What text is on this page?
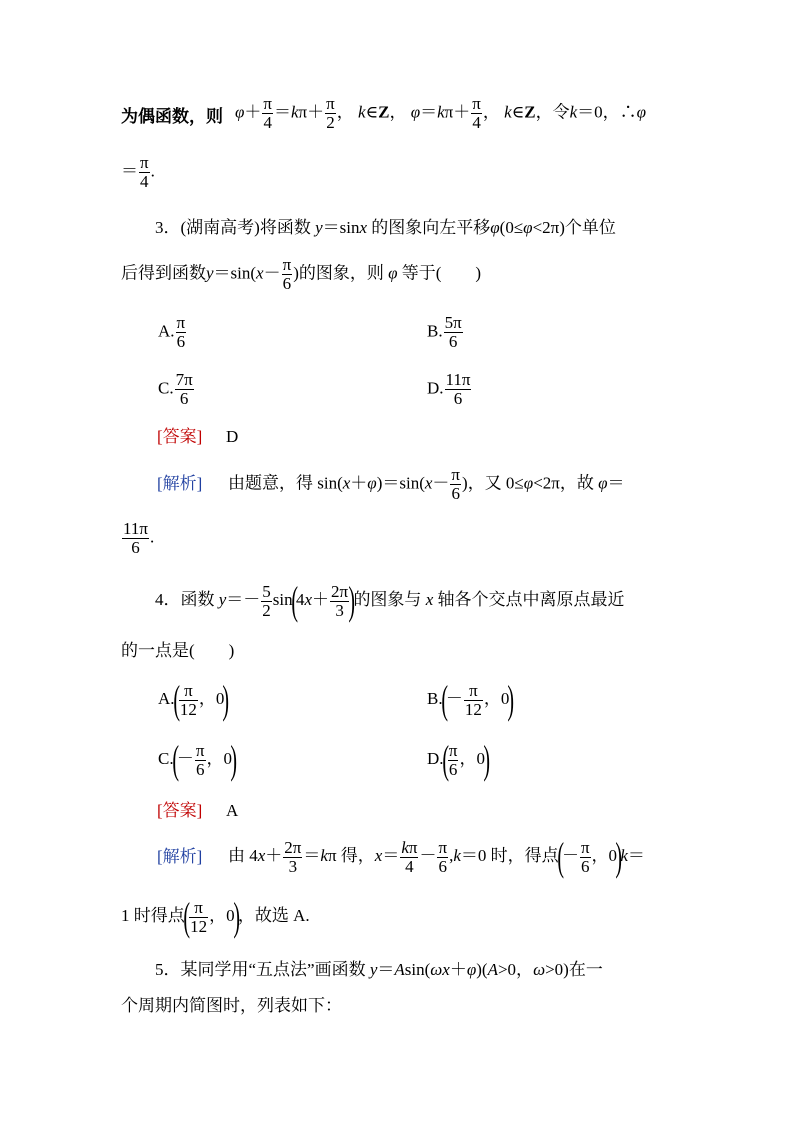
为偶函数，则 $\varphi+ \frac{\pi}{4} =k\pi+ \frac{\pi}{2}$ ， k∈Z， $\varphi=k\pi+ \frac{\pi}{4}$ ， k∈Z，令k＝0，∴φ
＝ $\frac{\pi}{4}$ .
3．(湖南高考)将函数 y＝sinx 的图象向左平移φ(0≤φ<2π)个单位
后得到函数$y=\sin(x- \frac{\pi}{6}$ )的图象，则 φ 等于(　　)
A. $\frac{\pi}{6}$	B. $\frac{5\pi}{6}$
C. $\frac{7\pi}{6}$	D. $\frac{11\pi}{6}$
[答案] D
[解析] 由题意，得 $\sin(x+\varphi)=\sin(x- \frac{\pi}{6}$ )，又 0≤φ<2π，故 φ＝
$\frac{11\pi}{6}$ .
4．函数 $y=- \frac{5}{2} \sin(4x+ \frac{2\pi}{3}$ )的图象与 x 轴各个交点中离原点最近
的一点是(　　)
$A.( \frac{\pi}{12}$ ，0)	$B.(- \frac{\pi}{12}$ ，0)
$C.(- \frac{\pi}{6}$ ，0)	$D.( \frac{\pi}{6}$ ，0)
[答案] A
[解析] 由 $4x+ \frac{2\pi}{3} =k\pi$ 得，$x= \frac{k\pi}{4} - \frac{\pi}{6} ,k=0$ 时，得点(－ $\frac{\pi}{6}$ ，0)k＝
1 时得点( $\frac{\pi}{12}$ ，0)，故选 A.
5．某同学用“五点法”画函数 y＝Asin(ωx＋φ)(A>0，ω>0)在一
个周期内简图时，列表如下：
